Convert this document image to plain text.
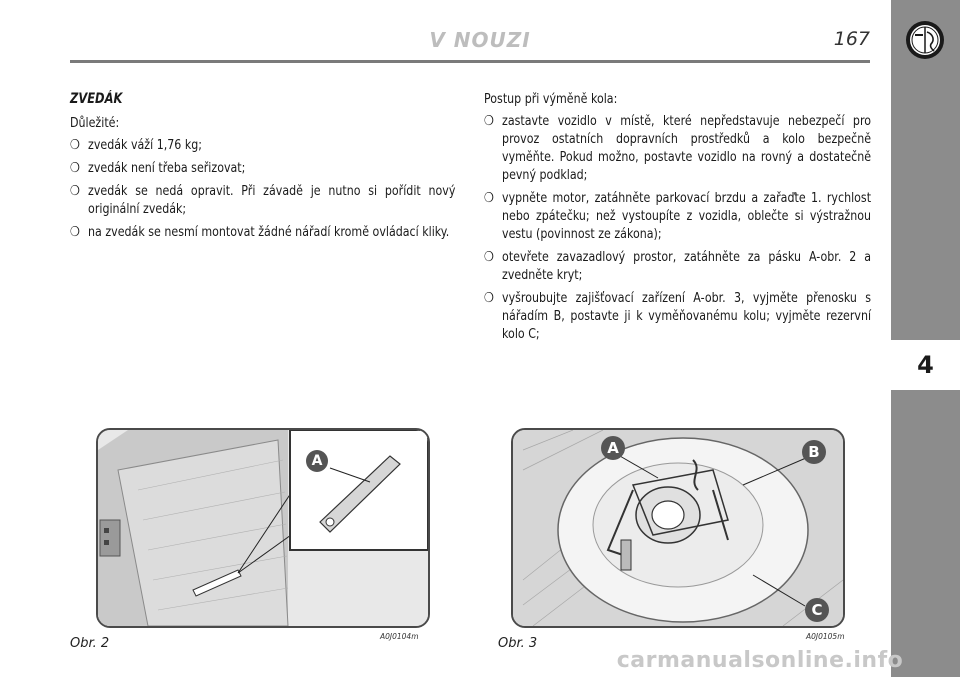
V NOUZI	167
4
ZVEDÁK
Důležité:
❍ zvedák váží 1,76 kg;
❍ zvedák není třeba seřizovat;
❍ zvedák se nedá opravit. Při závadě je nutno si pořídit nový originální zvedák;
❍ na zvedák se nesmí montovat žádné nářadí kromě ovládací kliky.
Postup při výměně kola:
❍ zastavte vozidlo v místě, které nepředstavuje nebezpečí pro provoz ostatních dopravních prostředků a kolo bezpečně vyměňte. Pokud možno, postavte vozidlo na rovný a dostatečně pevný podklad;
❍ vypněte motor, zatáhněte parkovací brzdu a zařaďte 1. rychlost nebo zpátečku; než vystoupíte z vozidla, oblečte si výstražnou vestu (povinnost ze zákona);
❍ otevřete zavazadlový prostor, zatáhněte za pásku A-obr. 2 a zvedněte kryt;
❍ vyšroubujte zajišťovací zařízení A-obr. 3, vyjměte přenosku s nářadím B, postavte ji k vyměňovanému kolu; vyjměte rezervní kolo C;
A
Obr. 2	A0J0104m
A	B
C
Obr. 3	A0J0105m
carmanualsonline.info
